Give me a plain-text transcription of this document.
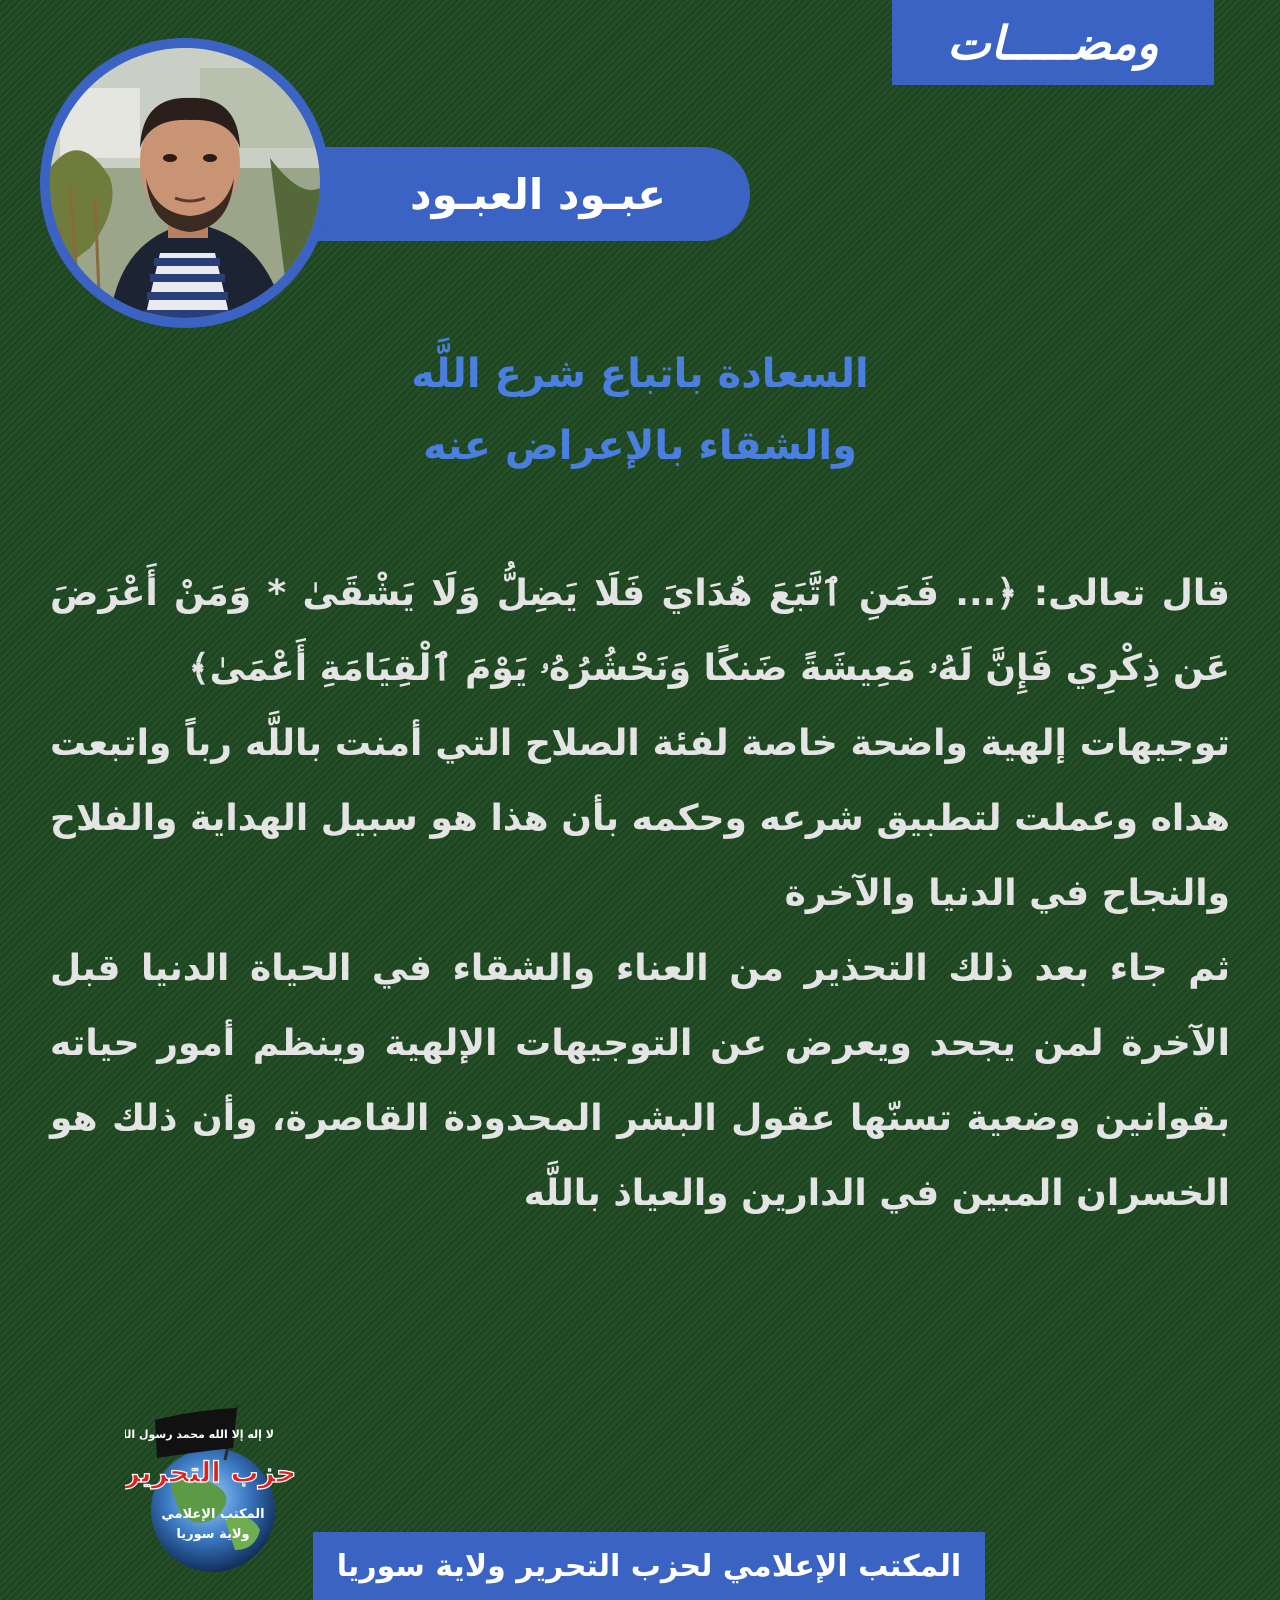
ومضـــــات
عبـود العبـود
السعادة باتباع شرع اللَّه
والشقاء بالإعراض عنه

قال تعالى: ﴿... فَمَنِ ٱتَّبَعَ هُدَايَ فَلَا يَضِلُّ وَلَا يَشْقَىٰ * وَمَنْ أَعْرَضَ عَن ذِكْرِي فَإِنَّ لَهُۥ مَعِيشَةً ضَنكًا وَنَحْشُرُهُۥ يَوْمَ ٱلْقِيَامَةِ أَعْمَىٰ﴾

توجيهات إلهية واضحة خاصة لفئة الصلاح التي أمنت باللَّه رباً واتبعت هداه وعملت لتطبيق شرعه وحكمه بأن هذا هو سبيل الهداية والفلاح والنجاح في الدنيا والآخرة

ثم جاء بعد ذلك التحذير من العناء والشقاء في الحياة الدنيا قبل الآخرة لمن يجحد ويعرض عن التوجيهات الإلهية وينظم أمور حياته بقوانين وضعية تسنّها عقول البشر المحدودة القاصرة، وأن ذلك هو الخسران المبين في الدارين والعياذ باللَّه

لا إله إلا الله محمد رسول الله
حزب التحرير
المكتب الإعلامي
ولاية سوريا
المكتب الإعلامي لحزب التحرير ولاية سوريا
